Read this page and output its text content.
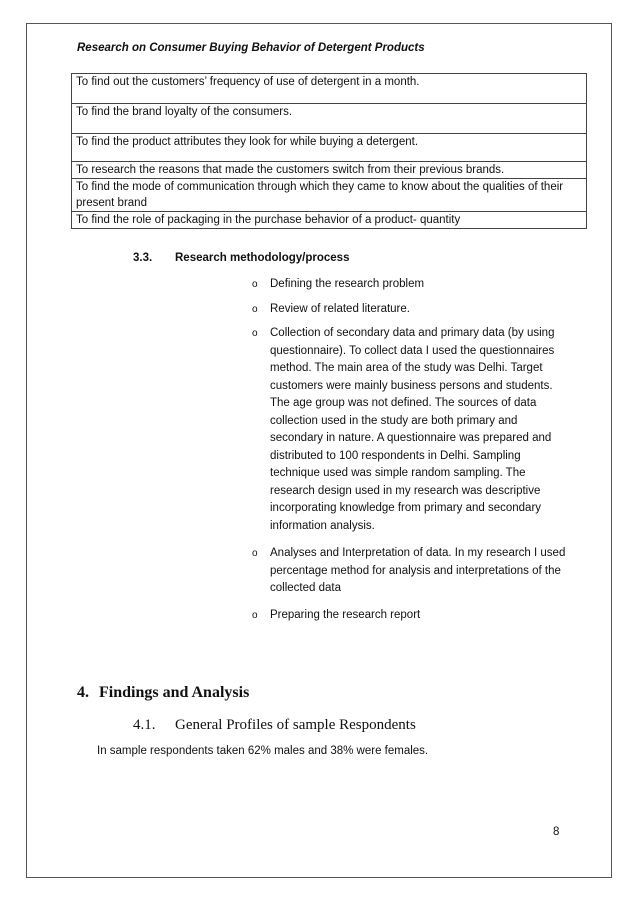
Research on Consumer Buying Behavior of Detergent Products
To find out the customers’ frequency of use of detergent in a month.
To find the brand loyalty of the consumers.
To find the product attributes they look for while buying a detergent.
To research the reasons that made the customers switch from their previous brands.
To find the mode of communication through which they came to know about the qualities of their present brand
To find the role of packaging in the purchase behavior of a product- quantity
3.3. Research methodology/process
o Defining the research problem
o Review of related literature.
o Collection of secondary data and primary data (by using questionnaire). To collect data I used the questionnaires method. The main area of the study was Delhi. Target customers were mainly business persons and students. The age group was not defined. The sources of data collection used in the study are both primary and secondary in nature. A questionnaire was prepared and distributed to 100 respondents in Delhi. Sampling technique used was simple random sampling. The research design used in my research was descriptive incorporating knowledge from primary and secondary information analysis.
o Analyses and Interpretation of data. In my research I used percentage method for analysis and interpretations of the collected data
o Preparing the research report
4. Findings and Analysis
4.1. General Profiles of sample Respondents
In sample respondents taken 62% males and 38% were females.
8
